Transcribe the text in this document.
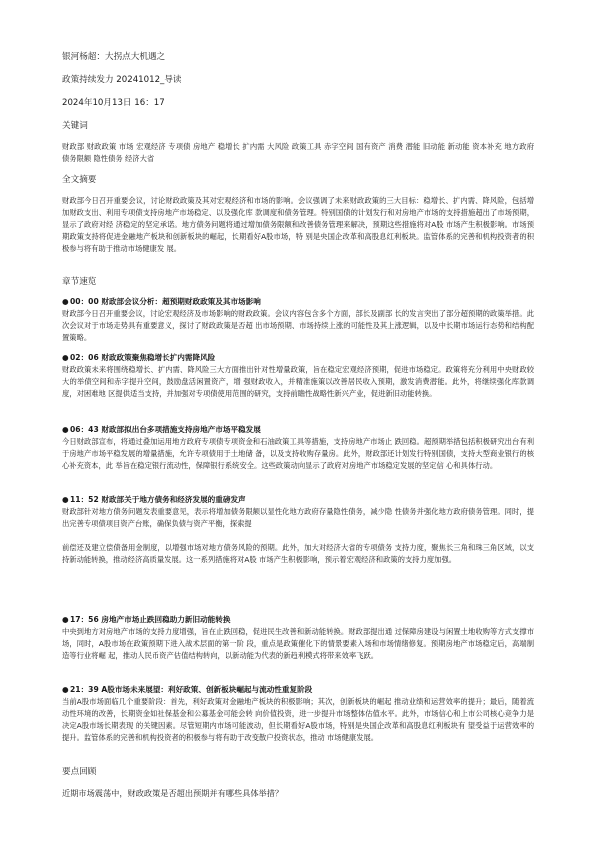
银河杨超：大拐点大机遇之
政策持续发力 20241012_导读
2024年10月13日 16：17
关键词
财政部 财政政策 市场 宏观经济 专项债 房地产 稳增长 扩内需 大风险 政策工具 赤字空间 国有资产 消费 潜能 旧动能 新动能 资本补充 地方政府 债务限额 隐性债务 经济大省
全文摘要
财政部今日召开重要会议，讨论财政政策及其对宏观经济和市场的影响。会议强调了未来财政政策的三大目标：稳增长、扩内需、降风险，包括增加财政支出、利用专项债支持房地产市场稳定、以及强化库 款调度和债务管理。特别国债的计划发行和对房地产市场的支持措施超出了市场预期，显示了政府对经 济稳定的坚定承诺。地方债务问题将通过增加债务限额和改善债务管理来解决，预期这些措施将对A股 市场产生积极影响。市场预期政策支持将促进金融地产板块和创新板块的崛起，长期看好A股市场，特 别是央国企改革和高股息红利板块。监管体系的完善和机构投资者的积极参与将有助于推动市场健康发 展。
章节速览
●00：00 财政部会议分析：超预期财政政策及其市场影响
财政部今日召开重要会议，讨论宏观经济及市场影响的财政政策。会议内容包含多个方面，部长及副部 长的发言突出了部分超预期的政策举措。此次会议对于市场走势具有重要意义，探讨了财政政策是否超 出市场预期、市场持续上涨的可能性及其上涨逻辑，以及中长期市场运行态势和结构配置策略。
●02：06 财政政策聚焦稳增长扩内需降风险
财政政策未来将围绕稳增长、扩内需、降风险三大方面推出针对性增量政策，旨在稳定宏观经济预期，促进市场稳定。政策将充分利用中央财政较大的举债空间和赤字提升空间，鼓励盘活闲置资产，增 强财政收入，并精准施策以改善居民收入预期，激发消费潜能。此外，将继续强化库款调度，对困难地 区提供适当支持，并加强对专项债使用范围的研究，支持前瞻性战略性新兴产业，促进新旧动能转换。
●06：43 财政部拟出台多项措施支持房地产市场平稳发展
今日财政部宣布，将通过叠加运用地方政府专项债专项资金和石油政策工具等措施，支持房地产市场止 跌回稳。超预期举措包括积极研究出台有利于房地产市场平稳发展的增量措施，允许专项债用于土地储 备，以及支持收购存量房。此外，财政部还计划发行特别国债，支持大型商业银行的核心补充资本，此 举旨在稳定银行流动性，保障银行系统安全。这些政策动向显示了政府对房地产市场稳定发展的坚定信 心和具体行动。
●11：52 财政部关于地方债务和经济发展的重磅发声
财政部针对地方债务问题发表重要意见，表示将增加债务限额以显性化地方政府存量隐性债务，减少隐 性债务并强化地方政府债务管理。同时，提出完善专项债项目资产台账，确保负债与资产平衡，探索提

前偿还及建立偿债备用金制度，以增强市场对地方债务风险的预期。此外，加大对经济大省的专项债务 支持力度，聚焦长三角和珠三角区域，以支持新动能转换，推动经济高质量发展。这一系列措施将对A股 市场产生积极影响，预示着宏观经济和政策的支持力度加强。
●17：56 房地产市场止跌回稳助力新旧动能转换
中央到地方对房地产市场的支持力度增强，旨在止跌回稳，促进民生改善和新动能转换。财政部提出通 过保障房建设与闲置土地收购等方式支撑市场，同时，A股市场在政策预期下进入战术层面的第一阶 段，重点是政策催化下的情景要素入场和市场情绪修复。预期房地产市场稳定后，高端制造等行业将崛 起，推动人民币资产估值结构转向，以新动能为代表的新趋利模式将带来效率飞跃。
●21：39 A股市场未来展望：利好政策、创新板块崛起与流动性重复阶段
当前A股市场面临几个重要阶段：首先，利好政策对金融地产板块的积极影响；其次，创新板块的崛起 推动业绩和运营效率的提升；最后，随着流动性环境的改善，长期资金如社保基金和公募基金可能会转 向价值投资，进一步提升市场整体估值水平。此外，市场信心和上市公司核心竞争力是决定A股市场长期表现 的关键因素。尽管短期内市场可能波动，但长期看好A股市场，特别是央国企改革和高股息红利板块有 望受益于运营效率的提升。监管体系的完善和机构投资者的积极参与将有助于改变散户投资状态，推动 市场健康发展。
要点回顾
近期市场震荡中，财政政策是否超出预期并有哪些具体举措？
